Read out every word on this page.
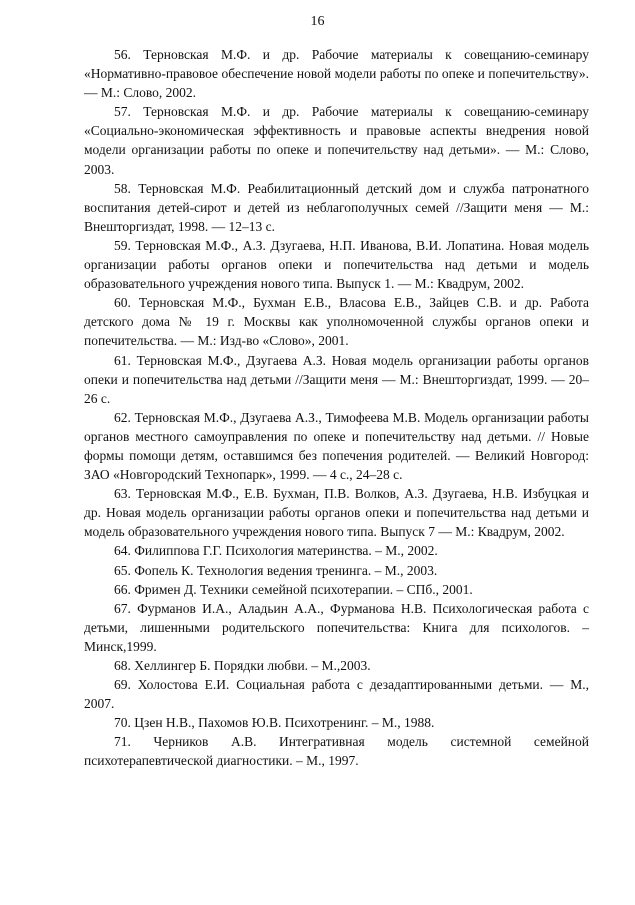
16
56 . Терновская М.Ф. и др. Рабочие материалы к совещанию-семинару «Нормативно-правовое обеспечение новой модели работы по опеке и попечительству». — М.: Слово, 2002.
57 . Терновская М.Ф. и др. Рабочие материалы к совещанию-семинару «Социально-экономическая эффективность и правовые аспекты внедрения новой модели организации работы по опеке и попечительству над детьми». — М.: Слово, 2003.
58 . Терновская М.Ф. Реабилитационный детский дом и служба патронатного воспитания детей-сирот и детей из неблагополучных семей //Защити меня — М.: Внешторгиздат, 1998. — 12–13 с.
59 . Терновская М.Ф., А.З. Дзугаева, Н.П. Иванова, В.И. Лопатина. Новая модель организации работы органов опеки и попечительства над детьми и модель образовательного учреждения нового типа. Выпуск 1. — М.: Квадрум, 2002.
60 . Терновская М.Ф., Бухман Е.В., Власова Е.В., Зайцев С.В. и др. Работа детского дома № 19 г. Москвы как уполномоченной службы органов опеки и попечительства. — М.: Изд-во «Слово», 2001.
61 . Терновская М.Ф., Дзугаева А.З. Новая модель организации работы органов опеки и попечительства над детьми //Защити меня — М.: Внешторгиздат, 1999. — 20–26 с.
62 . Терновская М.Ф., Дзугаева А.З., Тимофеева М.В. Модель организации работы органов местного самоуправления по опеке и попечительству над детьми. // Новые формы помощи детям, оставшимся без попечения родителей. — Великий Новгород: ЗАО «Новгородский Технопарк», 1999. — 4 с., 24–28 с.
63 . Терновская М.Ф., Е.В. Бухман, П.В. Волков, А.З. Дзугаева, Н.В. Избуцкая и др. Новая модель организации работы органов опеки и попечительства над детьми и модель образовательного учреждения нового типа. Выпуск 7 — М.: Квадрум, 2002.
64 . Филиппова Г.Г. Психология материнства. – М., 2002.
65 . Фопель К. Технология ведения тренинга. – М., 2003.
66 . Фримен Д. Техники семейной психотерапии. – СПб., 2001.
67 . Фурманов И.А., Аладьин А.А., Фурманова Н.В. Психологическая работа с детьми, лишенными родительского попечительства: Книга для психологов. – Минск,1999.
68 . Хеллингер Б. Порядки любви. – М.,2003.
69 . Холостова Е.И. Социальная работа с дезадаптированными детьми. — М., 2007.
70 . Цзен Н.В., Пахомов Ю.В. Психотренинг. – М., 1988.
71 . Черников А.В. Интегративная модель системной семейной психотерапевтической диагностики. – М., 1997.
